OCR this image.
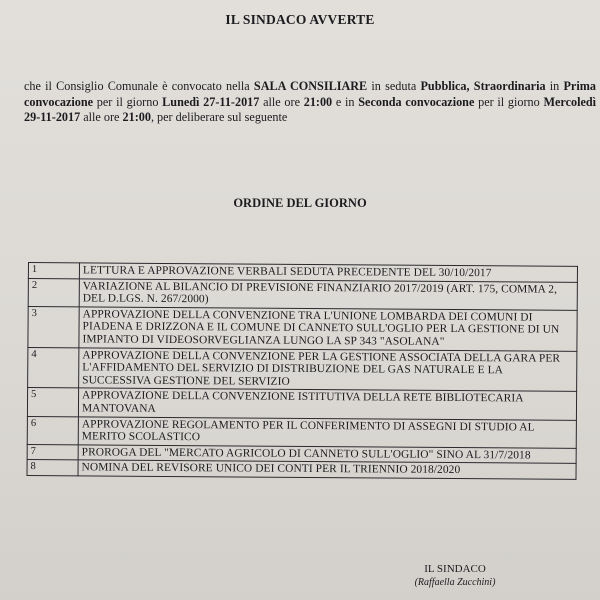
IL SINDACO AVVERTE
che il Consiglio Comunale è convocato nella SALA CONSILIARE in seduta Pubblica, Straordinaria in Prima convocazione per il giorno Lunedì 27-11-2017 alle ore 21:00 e in Seconda convocazione per il giorno Mercoledì 29-11-2017 alle ore 21:00, per deliberare sul seguente
ORDINE DEL GIORNO
1	LETTURA E APPROVAZIONE VERBALI SEDUTA PRECEDENTE DEL 30/10/2017
2	VARIAZIONE AL BILANCIO DI PREVISIONE FINANZIARIO 2017/2019 (ART. 175, COMMA 2, DEL D.LGS. N. 267/2000)
3	APPROVAZIONE DELLA CONVENZIONE TRA L'UNIONE LOMBARDA DEI COMUNI DI PIADENA E DRIZZONA E IL COMUNE DI CANNETO SULL'OGLIO PER LA GESTIONE DI UN IMPIANTO DI VIDEOSORVEGLIANZA LUNGO LA SP 343 "ASOLANA"
4	APPROVAZIONE DELLA CONVENZIONE PER LA GESTIONE ASSOCIATA DELLA GARA PER L'AFFIDAMENTO DEL SERVIZIO DI DISTRIBUZIONE DEL GAS NATURALE E LA SUCCESSIVA GESTIONE DEL SERVIZIO
5	APPROVAZIONE DELLA CONVENZIONE ISTITUTIVA DELLA RETE BIBLIOTECARIA MANTOVANA
6	APPROVAZIONE REGOLAMENTO PER IL CONFERIMENTO DI ASSEGNI DI STUDIO AL MERITO SCOLASTICO
7	PROROGA DEL "MERCATO AGRICOLO DI CANNETO SULL'OGLIO" SINO AL 31/7/2018
8	NOMINA DEL REVISORE UNICO DEI CONTI PER IL TRIENNIO 2018/2020
IL SINDACO
(Raffaella Zucchini)
